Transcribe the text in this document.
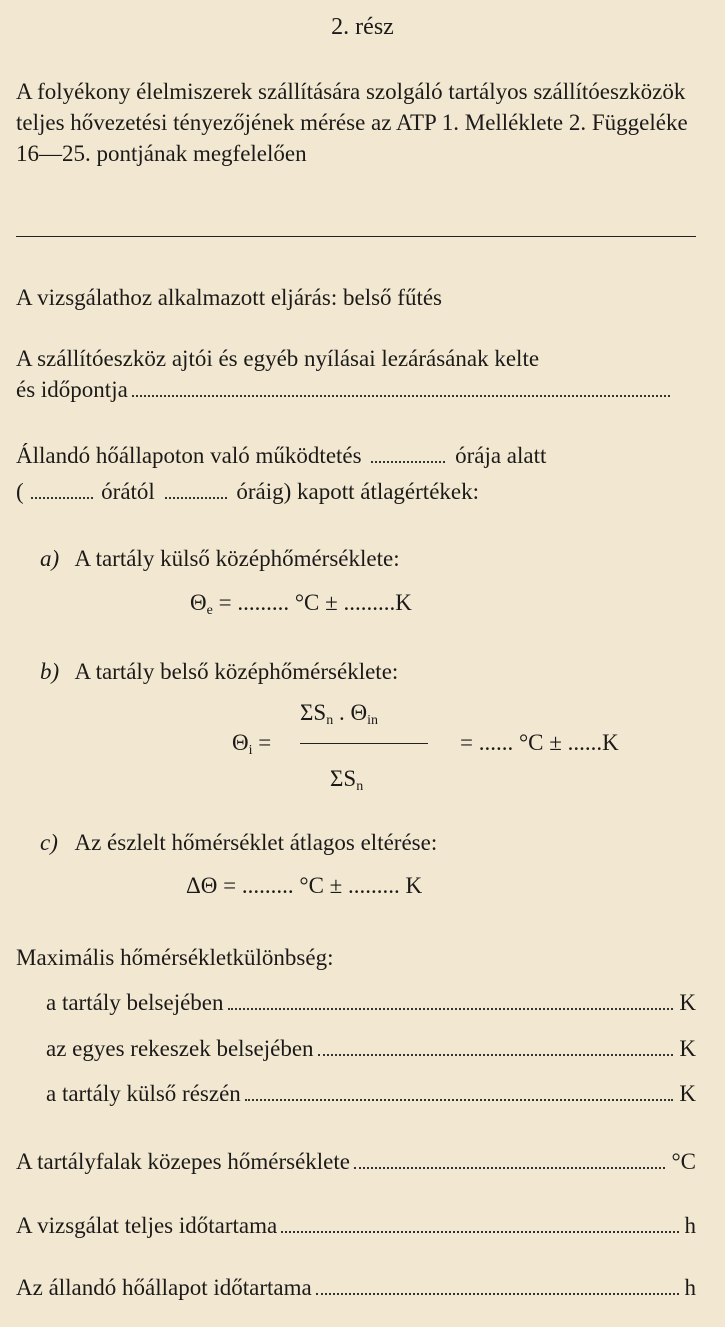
2. rész
A folyékony élelmiszerek szállítására szolgáló tartályos szállítóeszközök teljes hővezetési tényezőjének mérése az ATP 1. Melléklete 2. Függeléke 16—25. pontjának megfelelően
A vizsgálathoz alkalmazott eljárás: belső fűtés
A szállítóeszköz ajtói és egyéb nyílásai lezárásának kelte
és időpontja
Állandó hőállapoton való működtetés	órája alatt
(	órától	óráig) kapott átlagértékek:
a) A tartály külső középhőmérséklete:
$\Theta_e$ = ......... °C ± .........K
b) A tartály belső középhőmérséklete:
$\Sigma S_n$ . $\Theta_{in}$
$\Theta_i$ =	= ...... °C ± ......K
$\Sigma S_n$
c) Az észlelt hőmérséklet átlagos eltérése:
ΔΘ = ......... °C ± ......... K
Maximális hőmérsékletkülönbség:
a tartály belsejében	K
az egyes rekeszek belsejében	K
a tartály külső részén	K
A tartályfalak közepes hőmérséklete	°C
A vizsgálat teljes időtartama	h
Az állandó hőállapot időtartama	h
